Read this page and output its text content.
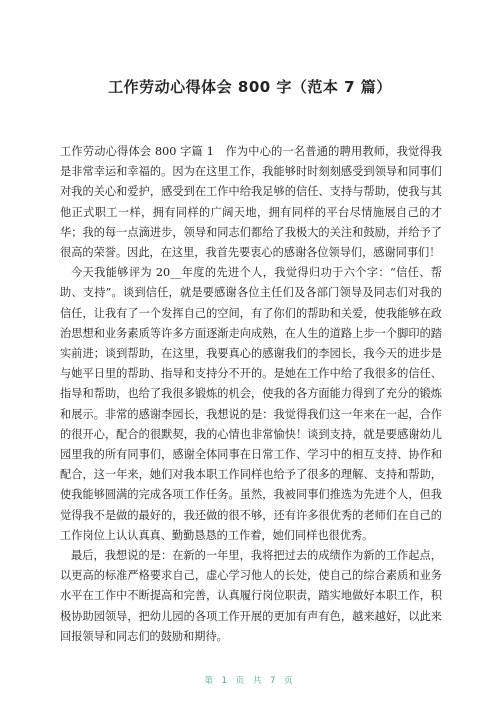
工作劳动心得体会 800 字（范本 7 篇）

工作劳动心得体会 800 字篇 1　作为中心的一名普通的聘用教师，我觉得我是非常幸运和幸福的。因为在这里工作，我能够时时刻刻感受到领导和同事们对我的关心和爱护，感受到在工作中给我足够的信任、支持与帮助，使我与其他正式职工一样，拥有同样的广阔天地，拥有同样的平台尽情施展自己的才华；我的每一点滴进步，领导和同志们都给了我极大的关注和鼓励，并给予了很高的荣誉。因此，在这里，我首先要衷心的感谢各位领导们，感谢同事们！

今天我能够评为 20__年度的先进个人，我觉得归功于六个字：“信任、帮助、支持”。谈到信任，就是要感谢各位主任们及各部门领导及同志们对我的信任，让我有了一个发挥自己的空间，有了你们的帮助和关爱，使我能够在政治思想和业务素质等许多方面逐渐走向成熟，在人生的道路上步一个脚印的踏实前进；谈到帮助，在这里，我要真心的感谢我们的李园长，我今天的进步是与她平日里的帮助、指导和支持分不开的。是她在工作中给了我很多的信任、指导和帮助，也给了我很多锻炼的机会，使我的各方面能力得到了充分的锻炼和展示。非常的感谢李园长，我想说的是：我觉得我们这一年来在一起，合作的很开心，配合的很默契，我的心情也非常愉快！谈到支持，就是要感谢幼儿园里我的所有同事们，感谢全体同事在日常工作、学习中的相互支持、协作和配合，这一年来，她们对我本职工作同样也给予了很多的理解、支持和帮助，使我能够圆满的完成各项工作任务。虽然，我被同事们推选为先进个人，但我觉得我不是做的最好的，我还做的很不够，还有许多很优秀的老师们在自己的工作岗位上认认真真、勤勤恳恳的工作着，她们同样也很优秀。

最后，我想说的是：在新的一年里，我将把过去的成绩作为新的工作起点，以更高的标准严格要求自己，虚心学习他人的长处，使自己的综合素质和业务水平在工作中不断提高和完善，认真履行岗位职责，踏实地做好本职工作，积极协助园领导，把幼儿园的各项工作开展的更加有声有色，越来越好，以此来回报领导和同志们的鼓励和期待。

第 1 页 共 7 页
